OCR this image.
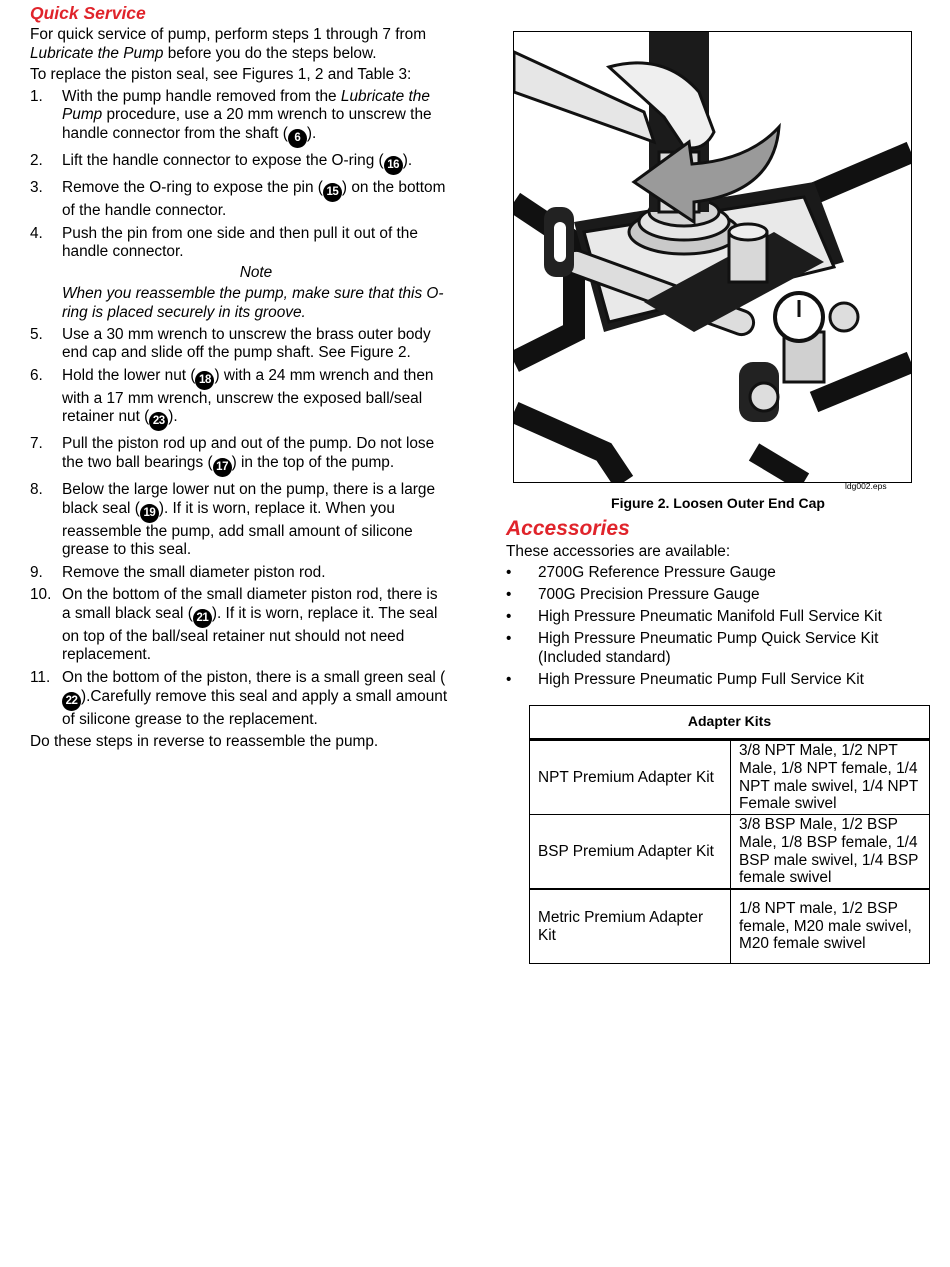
Quick Service

For quick service of pump, perform steps 1 through 7 from Lubricate the Pump before you do the steps below.

To replace the piston seal, see Figures 1, 2 and Table 3:

1. With the pump handle removed from the Lubricate the Pump procedure, use a 20 mm wrench to unscrew the handle connector from the shaft ( 6 ).
2. Lift the handle connector to expose the O-ring ( 16 ).
3. Remove the O-ring to expose the pin ( 15 ) on the bottom of the handle connector.
4. Push the pin from one side and then pull it out of the handle connector.
Note
When you reassemble the pump, make sure that this O-ring is placed securely in its groove.
5. Use a 30 mm wrench to unscrew the brass outer body end cap and slide off the pump shaft. See Figure 2.
6. Hold the lower nut ( 18 ) with a 24 mm wrench and then with a 17 mm wrench, unscrew the exposed ball/seal retainer nut ( 23 ).
7. Pull the piston rod up and out of the pump. Do not lose the two ball bearings ( 17 ) in the top of the pump.
8. Below the large lower nut on the pump, there is a large black seal ( 19 ). If it is worn, replace it. When you reassemble the pump, add small amount of silicone grease to this seal.
9. Remove the small diameter piston rod.
10. On the bottom of the small diameter piston rod, there is a small black seal ( 21 ). If it is worn, replace it. The seal on top of the ball/seal retainer nut should not need replacement.
11. On the bottom of the piston, there is a small green seal (22 ).Carefully remove this seal and apply a small amount of silicone grease to the replacement.

Do these steps in reverse to reassemble the pump.

ldg002.eps
Figure 2. Loosen Outer End Cap
Accessories
These accessories are available:
• 2700G Reference Pressure Gauge
• 700G Precision Pressure Gauge
• High Pressure Pneumatic Manifold Full Service Kit
• High Pressure Pneumatic Pump Quick Service Kit (Included standard)
• High Pressure Pneumatic Pump Full Service Kit
Adapter Kits	
NPT Premium Adapter Kit	3/8 NPT Male, 1/2 NPT Male, 1/8 NPT female, 1/4 NPT male swivel, 1/4 NPT Female swivel
BSP Premium Adapter Kit	3/8 BSP Male, 1/2 BSP Male, 1/8 BSP female, 1/4 BSP male swivel, 1/4 BSP female swivel
Metric Premium Adapter Kit	1/8 NPT male, 1/2 BSP female, M20 male swivel, M20 female swivel
